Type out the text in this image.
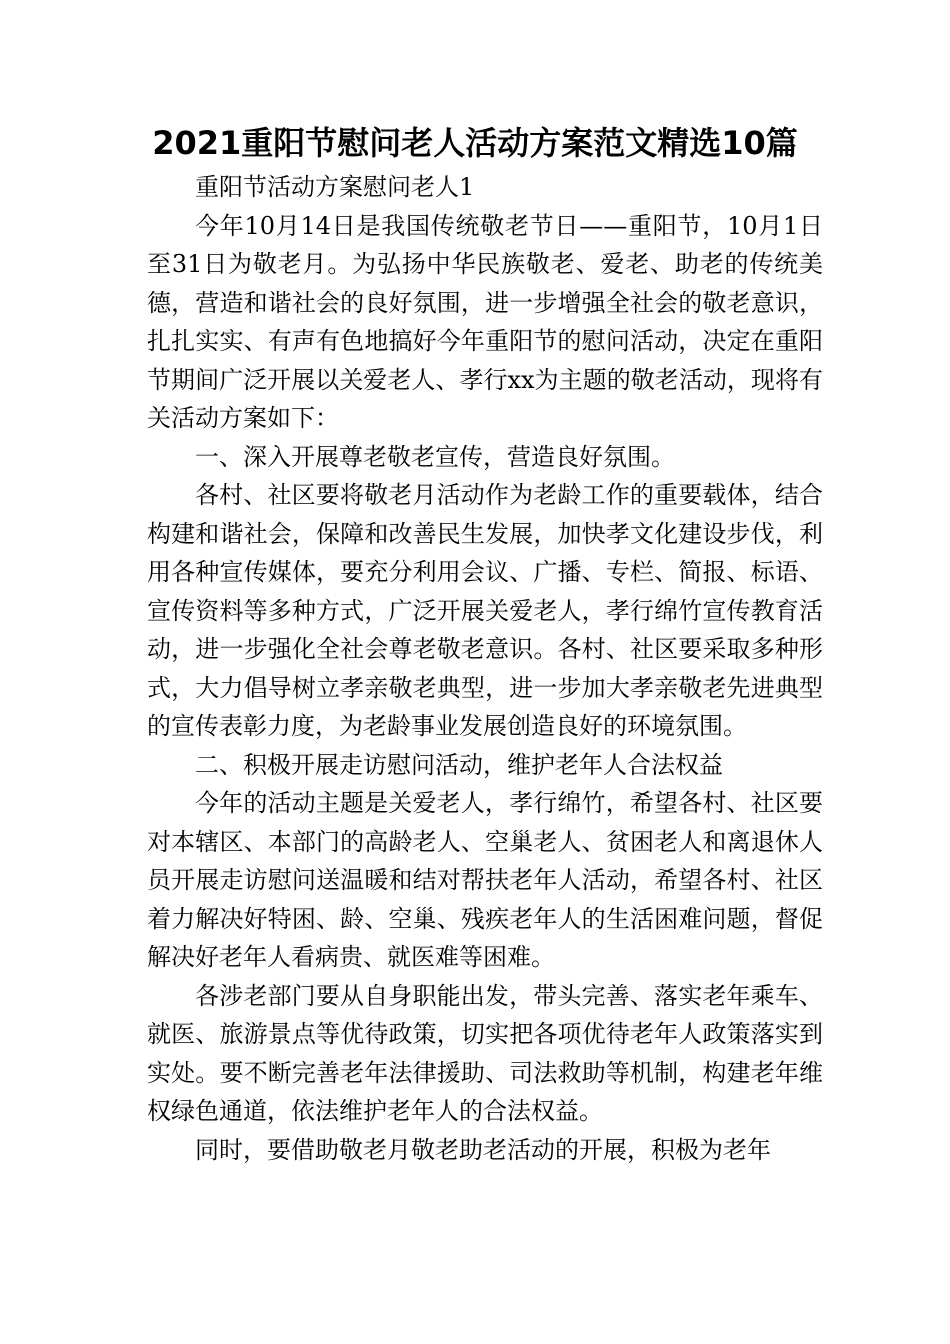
2021重阳节慰问老人活动方案范文精选10篇

重阳节活动方案慰问老人1

今年10月14日是我国传统敬老节日——重阳节，10月1日至31日为敬老月。为弘扬中华民族敬老、爱老、助老的传统美德，营造和谐社会的良好氛围，进一步增强全社会的敬老意识，扎扎实实、有声有色地搞好今年重阳节的慰问活动，决定在重阳节期间广泛开展以关爱老人、孝行xx为主题的敬老活动，现将有关活动方案如下：

一、深入开展尊老敬老宣传，营造良好氛围。

各村、社区要将敬老月活动作为老龄工作的重要载体，结合构建和谐社会，保障和改善民生发展，加快孝文化建设步伐，利用各种宣传媒体，要充分利用会议、广播、专栏、简报、标语、宣传资料等多种方式，广泛开展关爱老人，孝行绵竹宣传教育活动，进一步强化全社会尊老敬老意识。各村、社区要采取多种形式，大力倡导树立孝亲敬老典型，进一步加大孝亲敬老先进典型的宣传表彰力度，为老龄事业发展创造良好的环境氛围。

二、积极开展走访慰问活动，维护老年人合法权益

今年的活动主题是关爱老人，孝行绵竹，希望各村、社区要对本辖区、本部门的高龄老人、空巢老人、贫困老人和离退休人员开展走访慰问送温暖和结对帮扶老年人活动，希望各村、社区着力解决好特困、龄、空巢、残疾老年人的生活困难问题，督促解决好老年人看病贵、就医难等困难。

各涉老部门要从自身职能出发，带头完善、落实老年乘车、就医、旅游景点等优待政策，切实把各项优待老年人政策落实到实处。要不断完善老年法律援助、司法救助等机制，构建老年维权绿色通道，依法维护老年人的合法权益。

同时，要借助敬老月敬老助老活动的开展，积极为老年
